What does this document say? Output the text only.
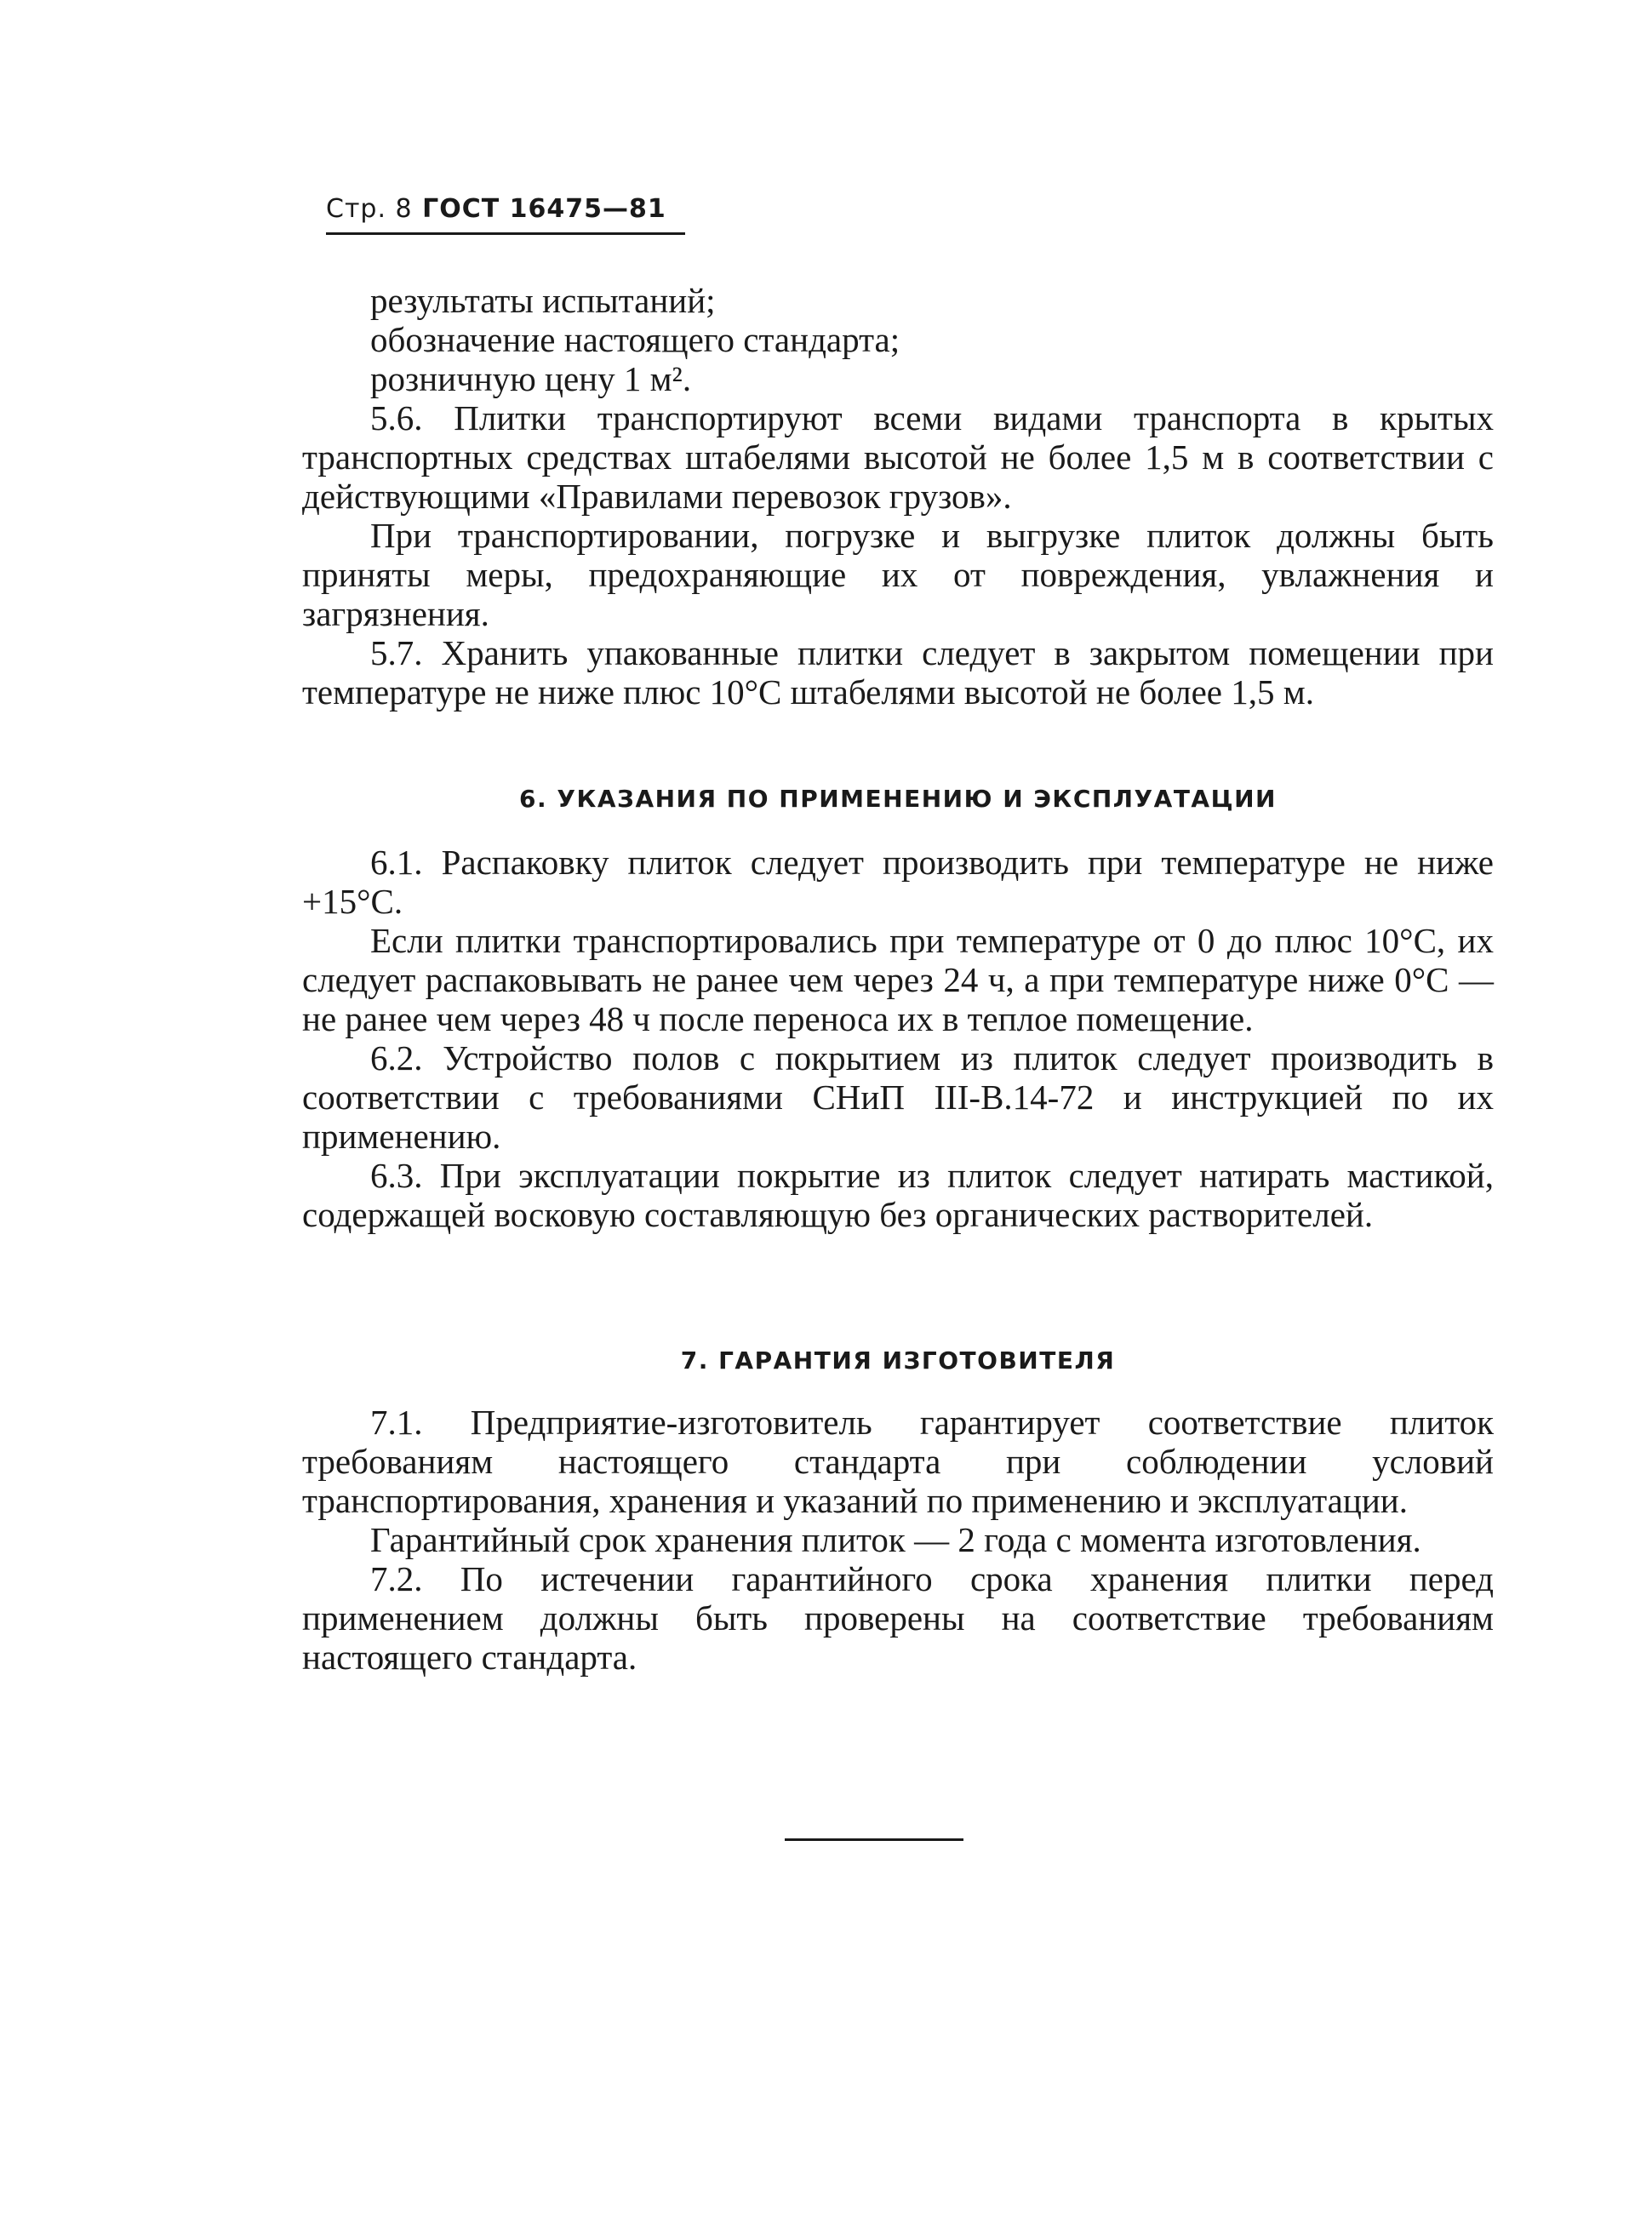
Стр. 8 ГОСТ 16475—81

результаты испытаний;

обозначение настоящего стандарта;

розничную цену 1 м².

5.6. Плитки транспортируют всеми видами транспорта в крытых транспортных средствах штабелями высотой не более 1,5 м в соответствии с действующими «Правилами перевозок грузов».

При транспортировании, погрузке и выгрузке плиток должны быть приняты меры, предохраняющие их от повреждения, увлажнения и загрязнения.

5.7. Хранить упакованные плитки следует в закрытом помещении при температуре не ниже плюс 10°С штабелями высотой не более 1,5 м.

6. УКАЗАНИЯ ПО ПРИМЕНЕНИЮ И ЭКСПЛУАТАЦИИ

6.1. Распаковку плиток следует производить при температуре не ниже +15°С.

Если плитки транспортировались при температуре от 0 до плюс 10°С, их следует распаковывать не ранее чем через 24 ч, а при температуре ниже 0°С — не ранее чем через 48 ч после переноса их в теплое помещение.

6.2. Устройство полов с покрытием из плиток следует производить в соответствии с требованиями СНиП III-В.14-72 и инструкцией по их применению.

6.3. При эксплуатации покрытие из плиток следует натирать мастикой, содержащей восковую составляющую без органических растворителей.

7. ГАРАНТИЯ ИЗГОТОВИТЕЛЯ

7.1. Предприятие-изготовитель гарантирует соответствие плиток требованиям настоящего стандарта при соблюдении условий транспортирования, хранения и указаний по применению и эксплуатации.

Гарантийный срок хранения плиток — 2 года с момента изготовления.

7.2. По истечении гарантийного срока хранения плитки перед применением должны быть проверены на соответствие требованиям настоящего стандарта.
